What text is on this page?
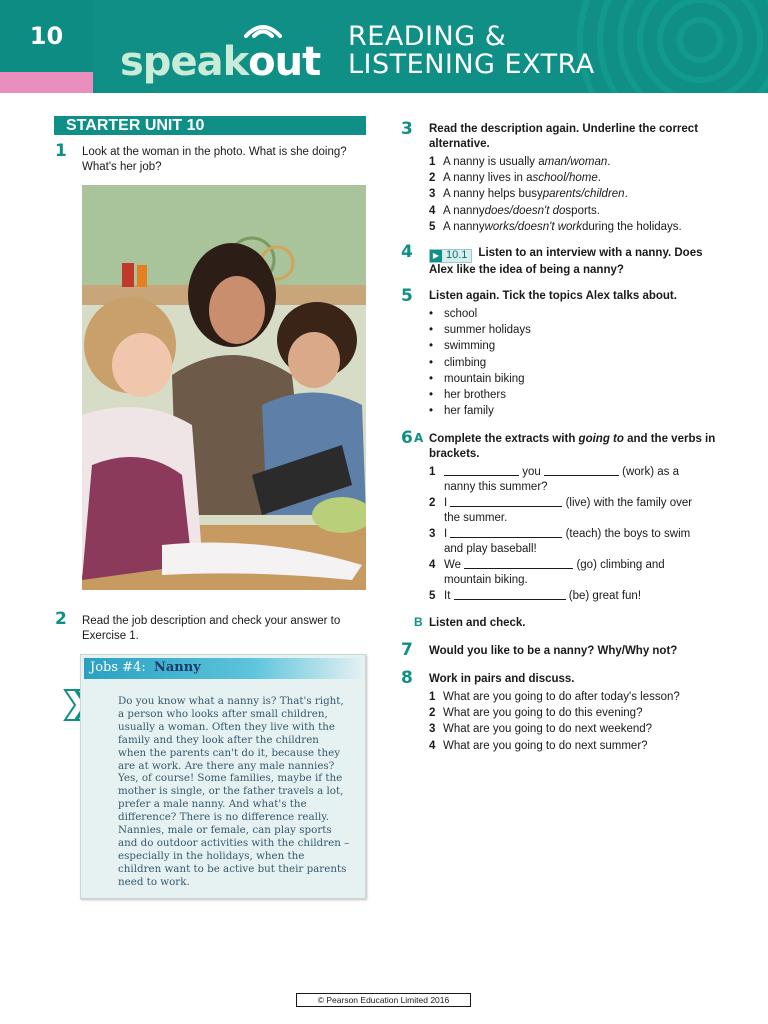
10
speak out
READING &
LISTENING EXTRA
STARTER UNIT 10
1 Look at the woman in the photo. What is she doing? What's her job?
2 Read the job description and check your answer to Exercise 1.
Jobs #4: Nanny
Do you know what a nanny is? That's right, a person who looks after small children, usually a woman. Often they live with the family and they look after the children when the parents can't do it, because they are at work. Are there any male nannies? Yes, of course! Some families, maybe if the mother is single, or the father travels a lot, prefer a male nanny. And what's the difference? There is no difference really. Nannies, male or female, can play sports and do outdoor activities with the children – especially in the holidays, when the children want to be active but their parents need to work.
3 Read the description again. Underline the correct alternative.
1 A nanny is usually a man/woman .
2 A nanny lives in a school/home .
3 A nanny helps busy parents/children .
4 A nanny does/doesn't do sports.
5 A nanny works/doesn't work during the holidays.
4	▶ 10.1 Listen to an interview with a nanny. Does Alex like the idea of being a nanny?
5 Listen again. Tick the topics Alex talks about.
• school
• summer holidays
• swimming
• climbing
• mountain biking
• her brothers
• her family
6 A Complete the extracts with going to and the verbs in brackets.
1	you	(work) as a
nanny this summer?
2 I	(live) with the family over
the summer.
3 I	(teach) the boys to swim
and play baseball!
4 We	(go) climbing and
mountain biking.
5 It	(be) great fun!
B Listen and check.
7 Would you like to be a nanny? Why/Why not?
8 Work in pairs and discuss.
1 What are you going to do after today's lesson?
2 What are you going to do this evening?
3 What are you going to do next weekend?
4 What are you going to do next summer?
© Pearson Education Limited 2016
